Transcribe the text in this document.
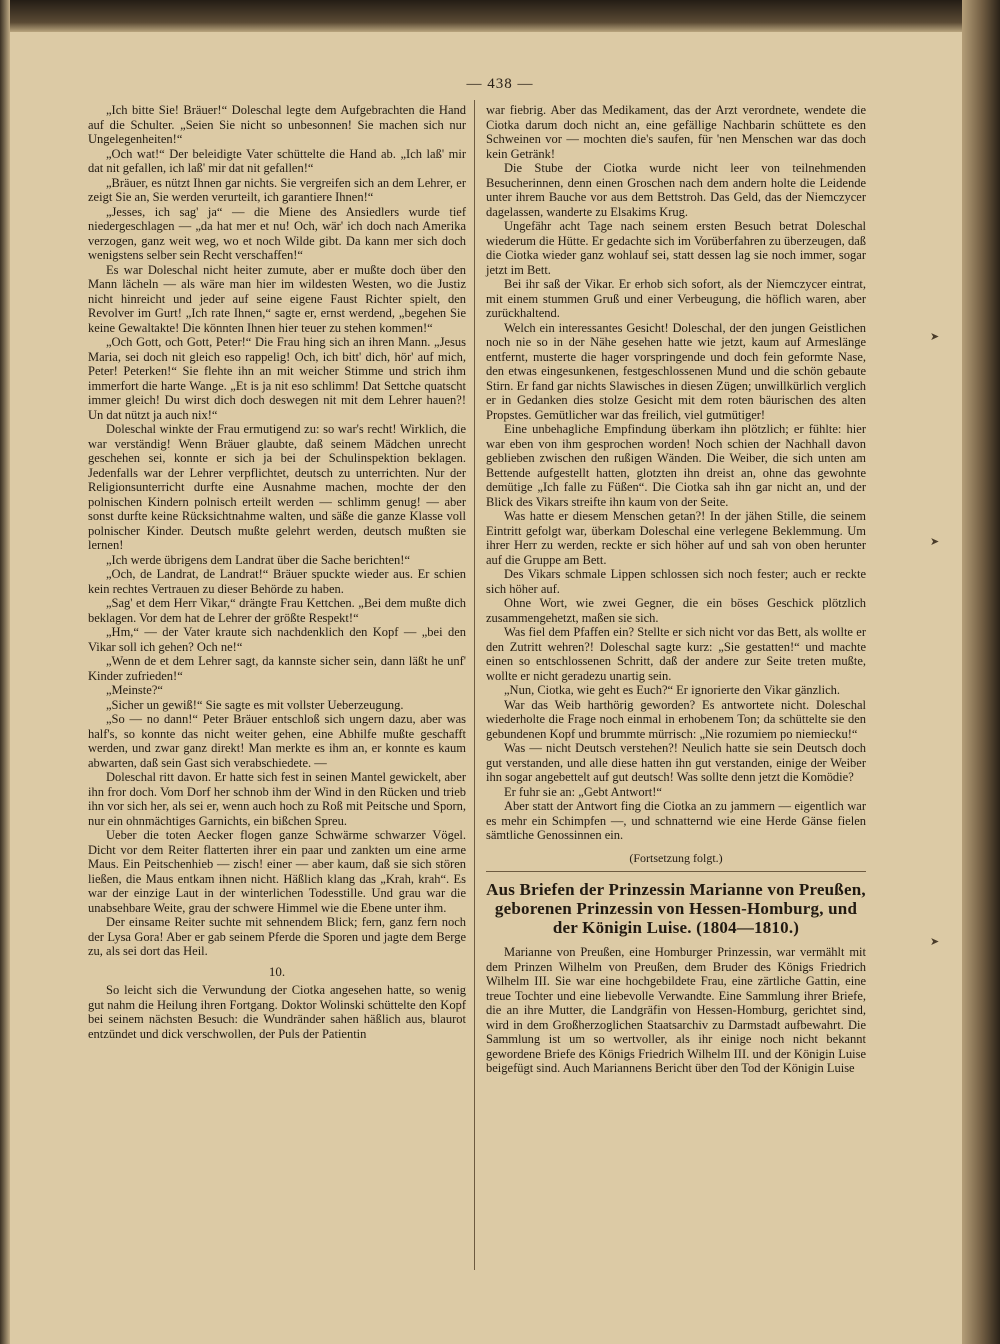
— 438 —
➤
➤
➤

„Ich bitte Sie! Bräuer!“ Doleschal legte dem Aufgebrachten die Hand auf die Schulter. „Seien Sie nicht so unbesonnen! Sie machen sich nur Ungelegenheiten!“

„Och wat!“ Der beleidigte Vater schüttelte die Hand ab. „Ich laß' mir dat nit gefallen, ich laß' mir dat nit gefallen!“

„Bräuer, es nützt Ihnen gar nichts. Sie vergreifen sich an dem Lehrer, er zeigt Sie an, Sie werden verurteilt, ich garantiere Ihnen!“

„Jesses, ich sag' ja“ — die Miene des Ansiedlers wurde tief niedergeschlagen — „da hat mer et nu! Och, wär' ich doch nach Amerika verzogen, ganz weit weg, wo et noch Wilde gibt. Da kann mer sich doch wenigstens selber sein Recht verschaffen!“

Es war Doleschal nicht heiter zumute, aber er mußte doch über den Mann lächeln — als wäre man hier im wildesten Westen, wo die Justiz nicht hinreicht und jeder auf seine eigene Faust Richter spielt, den Revolver im Gurt! „Ich rate Ihnen,“ sagte er, ernst werdend, „begehen Sie keine Gewaltakte! Die könnten Ihnen hier teuer zu stehen kommen!“

„Och Gott, och Gott, Peter!“ Die Frau hing sich an ihren Mann. „Jesus Maria, sei doch nit gleich eso rappelig! Och, ich bitt' dich, hör' auf mich, Peter! Peterken!“ Sie flehte ihn an mit weicher Stimme und strich ihm immerfort die harte Wange. „Et is ja nit eso schlimm! Dat Settche quatscht immer gleich! Du wirst dich doch deswegen nit mit dem Lehrer hauen?! Un dat nützt ja auch nix!“

Doleschal winkte der Frau ermutigend zu: so war's recht! Wirklich, die war verständig! Wenn Bräuer glaubte, daß seinem Mädchen unrecht geschehen sei, konnte er sich ja bei der Schulinspektion beklagen. Jedenfalls war der Lehrer verpflichtet, deutsch zu unterrichten. Nur der Religionsunterricht durfte eine Ausnahme machen, mochte der den polnischen Kindern polnisch erteilt werden — schlimm genug! — aber sonst durfte keine Rücksichtnahme walten, und säße die ganze Klasse voll polnischer Kinder. Deutsch mußte gelehrt werden, deutsch mußten sie lernen!

„Ich werde übrigens dem Landrat über die Sache berichten!“

„Och, de Landrat, de Landrat!“ Bräuer spuckte wieder aus. Er schien kein rechtes Vertrauen zu dieser Behörde zu haben.

„Sag' et dem Herr Vikar,“ drängte Frau Kettchen. „Bei dem mußte dich beklagen. Vor dem hat de Lehrer der größte Respekt!“

„Hm,“ — der Vater kraute sich nachdenklich den Kopf — „bei den Vikar soll ich gehen? Och ne!“

„Wenn de et dem Lehrer sagt, da kannste sicher sein, dann läßt he unf' Kinder zufrieden!“

„Meinste?“

„Sicher un gewiß!“ Sie sagte es mit vollster Ueberzeugung.

„So — no dann!“ Peter Bräuer entschloß sich ungern dazu, aber was half's, so konnte das nicht weiter gehen, eine Abhilfe mußte geschafft werden, und zwar ganz direkt! Man merkte es ihm an, er konnte es kaum abwarten, daß sein Gast sich verabschiedete. —

Doleschal ritt davon. Er hatte sich fest in seinen Mantel gewickelt, aber ihn fror doch. Vom Dorf her schnob ihm der Wind in den Rücken und trieb ihn vor sich her, als sei er, wenn auch hoch zu Roß mit Peitsche und Sporn, nur ein ohnmächtiges Garnichts, ein bißchen Spreu.

Ueber die toten Aecker flogen ganze Schwärme schwarzer Vögel. Dicht vor dem Reiter flatterten ihrer ein paar und zankten um eine arme Maus. Ein Peitschenhieb — zisch! einer — aber kaum, daß sie sich stören ließen, die Maus entkam ihnen nicht. Häßlich klang das „Krah, krah“. Es war der einzige Laut in der winterlichen Todesstille. Und grau war die unabsehbare Weite, grau der schwere Himmel wie die Ebene unter ihm.

Der einsame Reiter suchte mit sehnendem Blick; fern, ganz fern noch der Lysa Gora! Aber er gab seinem Pferde die Sporen und jagte dem Berge zu, als sei dort das Heil.

10.

So leicht sich die Verwundung der Ciotka angesehen hatte, so wenig gut nahm die Heilung ihren Fortgang. Doktor Wolinski schüttelte den Kopf bei seinem nächsten Besuch: die Wundränder sahen häßlich aus, blaurot entzündet und dick verschwollen, der Puls der Patientin

war fiebrig. Aber das Medikament, das der Arzt verordnete, wendete die Ciotka darum doch nicht an, eine gefällige Nachbarin schüttete es den Schweinen vor — mochten die's saufen, für 'nen Menschen war das doch kein Getränk!

Die Stube der Ciotka wurde nicht leer von teilnehmenden Besucherinnen, denn einen Groschen nach dem andern holte die Leidende unter ihrem Bauche vor aus dem Bettstroh. Das Geld, das der Niemczycer dagelassen, wanderte zu Elsakims Krug.

Ungefähr acht Tage nach seinem ersten Besuch betrat Doleschal wiederum die Hütte. Er gedachte sich im Vorüberfahren zu überzeugen, daß die Ciotka wieder ganz wohlauf sei, statt dessen lag sie noch immer, sogar jetzt im Bett.

Bei ihr saß der Vikar. Er erhob sich sofort, als der Niemczycer eintrat, mit einem stummen Gruß und einer Verbeugung, die höflich waren, aber zurückhaltend.

Welch ein interessantes Gesicht! Doleschal, der den jungen Geistlichen noch nie so in der Nähe gesehen hatte wie jetzt, kaum auf Armeslänge entfernt, musterte die hager vorspringende und doch fein geformte Nase, den etwas eingesunkenen, festgeschlossenen Mund und die schön gebaute Stirn. Er fand gar nichts Slawisches in diesen Zügen; unwillkürlich verglich er in Gedanken dies stolze Gesicht mit dem roten bäurischen des alten Propstes. Gemütlicher war das freilich, viel gutmütiger!

Eine unbehagliche Empfindung überkam ihn plötzlich; er fühlte: hier war eben von ihm gesprochen worden! Noch schien der Nachhall davon geblieben zwischen den rußigen Wänden. Die Weiber, die sich unten am Bettende aufgestellt hatten, glotzten ihn dreist an, ohne das gewohnte demütige „Ich falle zu Füßen“. Die Ciotka sah ihn gar nicht an, und der Blick des Vikars streifte ihn kaum von der Seite.

Was hatte er diesem Menschen getan?! In der jähen Stille, die seinem Eintritt gefolgt war, überkam Doleschal eine verlegene Beklemmung. Um ihrer Herr zu werden, reckte er sich höher auf und sah von oben herunter auf die Gruppe am Bett.

Des Vikars schmale Lippen schlossen sich noch fester; auch er reckte sich höher auf.

Ohne Wort, wie zwei Gegner, die ein böses Geschick plötzlich zusammengehetzt, maßen sie sich.

Was fiel dem Pfaffen ein? Stellte er sich nicht vor das Bett, als wollte er den Zutritt wehren?! Doleschal sagte kurz: „Sie gestatten!“ und machte einen so entschlossenen Schritt, daß der andere zur Seite treten mußte, wollte er nicht geradezu unartig sein.

„Nun, Ciotka, wie geht es Euch?“ Er ignorierte den Vikar gänzlich.

War das Weib harthörig geworden? Es antwortete nicht. Doleschal wiederholte die Frage noch einmal in erhobenem Ton; da schüttelte sie den gebundenen Kopf und brummte mürrisch: „Nie rozumiem po niemiecku!“

Was — nicht Deutsch verstehen?! Neulich hatte sie sein Deutsch doch gut verstanden, und alle diese hatten ihn gut verstanden, einige der Weiber ihn sogar angebettelt auf gut deutsch! Was sollte denn jetzt die Komödie?

Er fuhr sie an: „Gebt Antwort!“

Aber statt der Antwort fing die Ciotka an zu jammern — eigentlich war es mehr ein Schimpfen —, und schnatternd wie eine Herde Gänse fielen sämtliche Genossinnen ein.

(Fortsetzung folgt.)

Aus Briefen der Prinzessin Marianne von Preußen, geborenen Prinzessin von Hessen-Homburg, und der Königin Luise. (1804—1810.)

Marianne von Preußen, eine Homburger Prinzessin, war vermählt mit dem Prinzen Wilhelm von Preußen, dem Bruder des Königs Friedrich Wilhelm III. Sie war eine hochgebildete Frau, eine zärtliche Gattin, eine treue Tochter und eine liebevolle Verwandte. Eine Sammlung ihrer Briefe, die an ihre Mutter, die Landgräfin von Hessen-Homburg, gerichtet sind, wird in dem Großherzoglichen Staatsarchiv zu Darmstadt aufbewahrt. Die Sammlung ist um so wertvoller, als ihr einige noch nicht bekannt gewordene Briefe des Königs Friedrich Wilhelm III. und der Königin Luise beigefügt sind. Auch Mariannens Bericht über den Tod der Königin Luise
